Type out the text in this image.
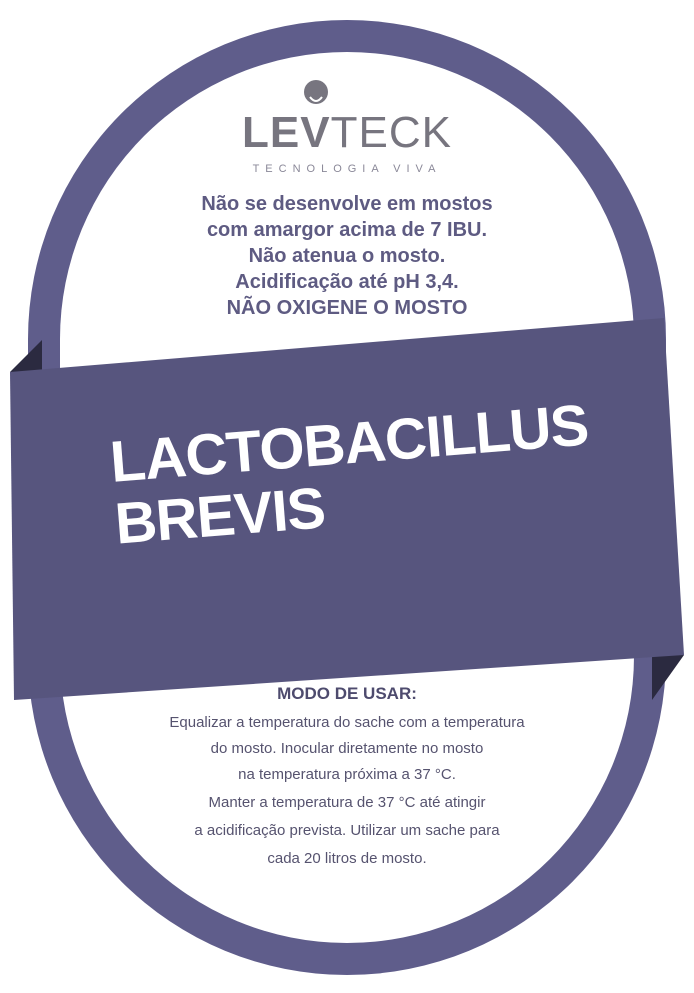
LEVTECK
TECNOLOGIA VIVA
Não se desenvolve em mostos
com amargor acima de 7 IBU.
Não atenua o mosto.
Acidificação até pH 3,4.
NÃO OXIGENE O MOSTO
LACTOBACILLUS
BREVIS
MODO DE USAR:
Equalizar a temperatura do sache com a temperatura
do mosto. Inocular diretamente no mosto
na temperatura próxima a 37 °C.
Manter a temperatura de 37 °C até atingir
a acidificação prevista. Utilizar um sache para
cada 20 litros de mosto.
